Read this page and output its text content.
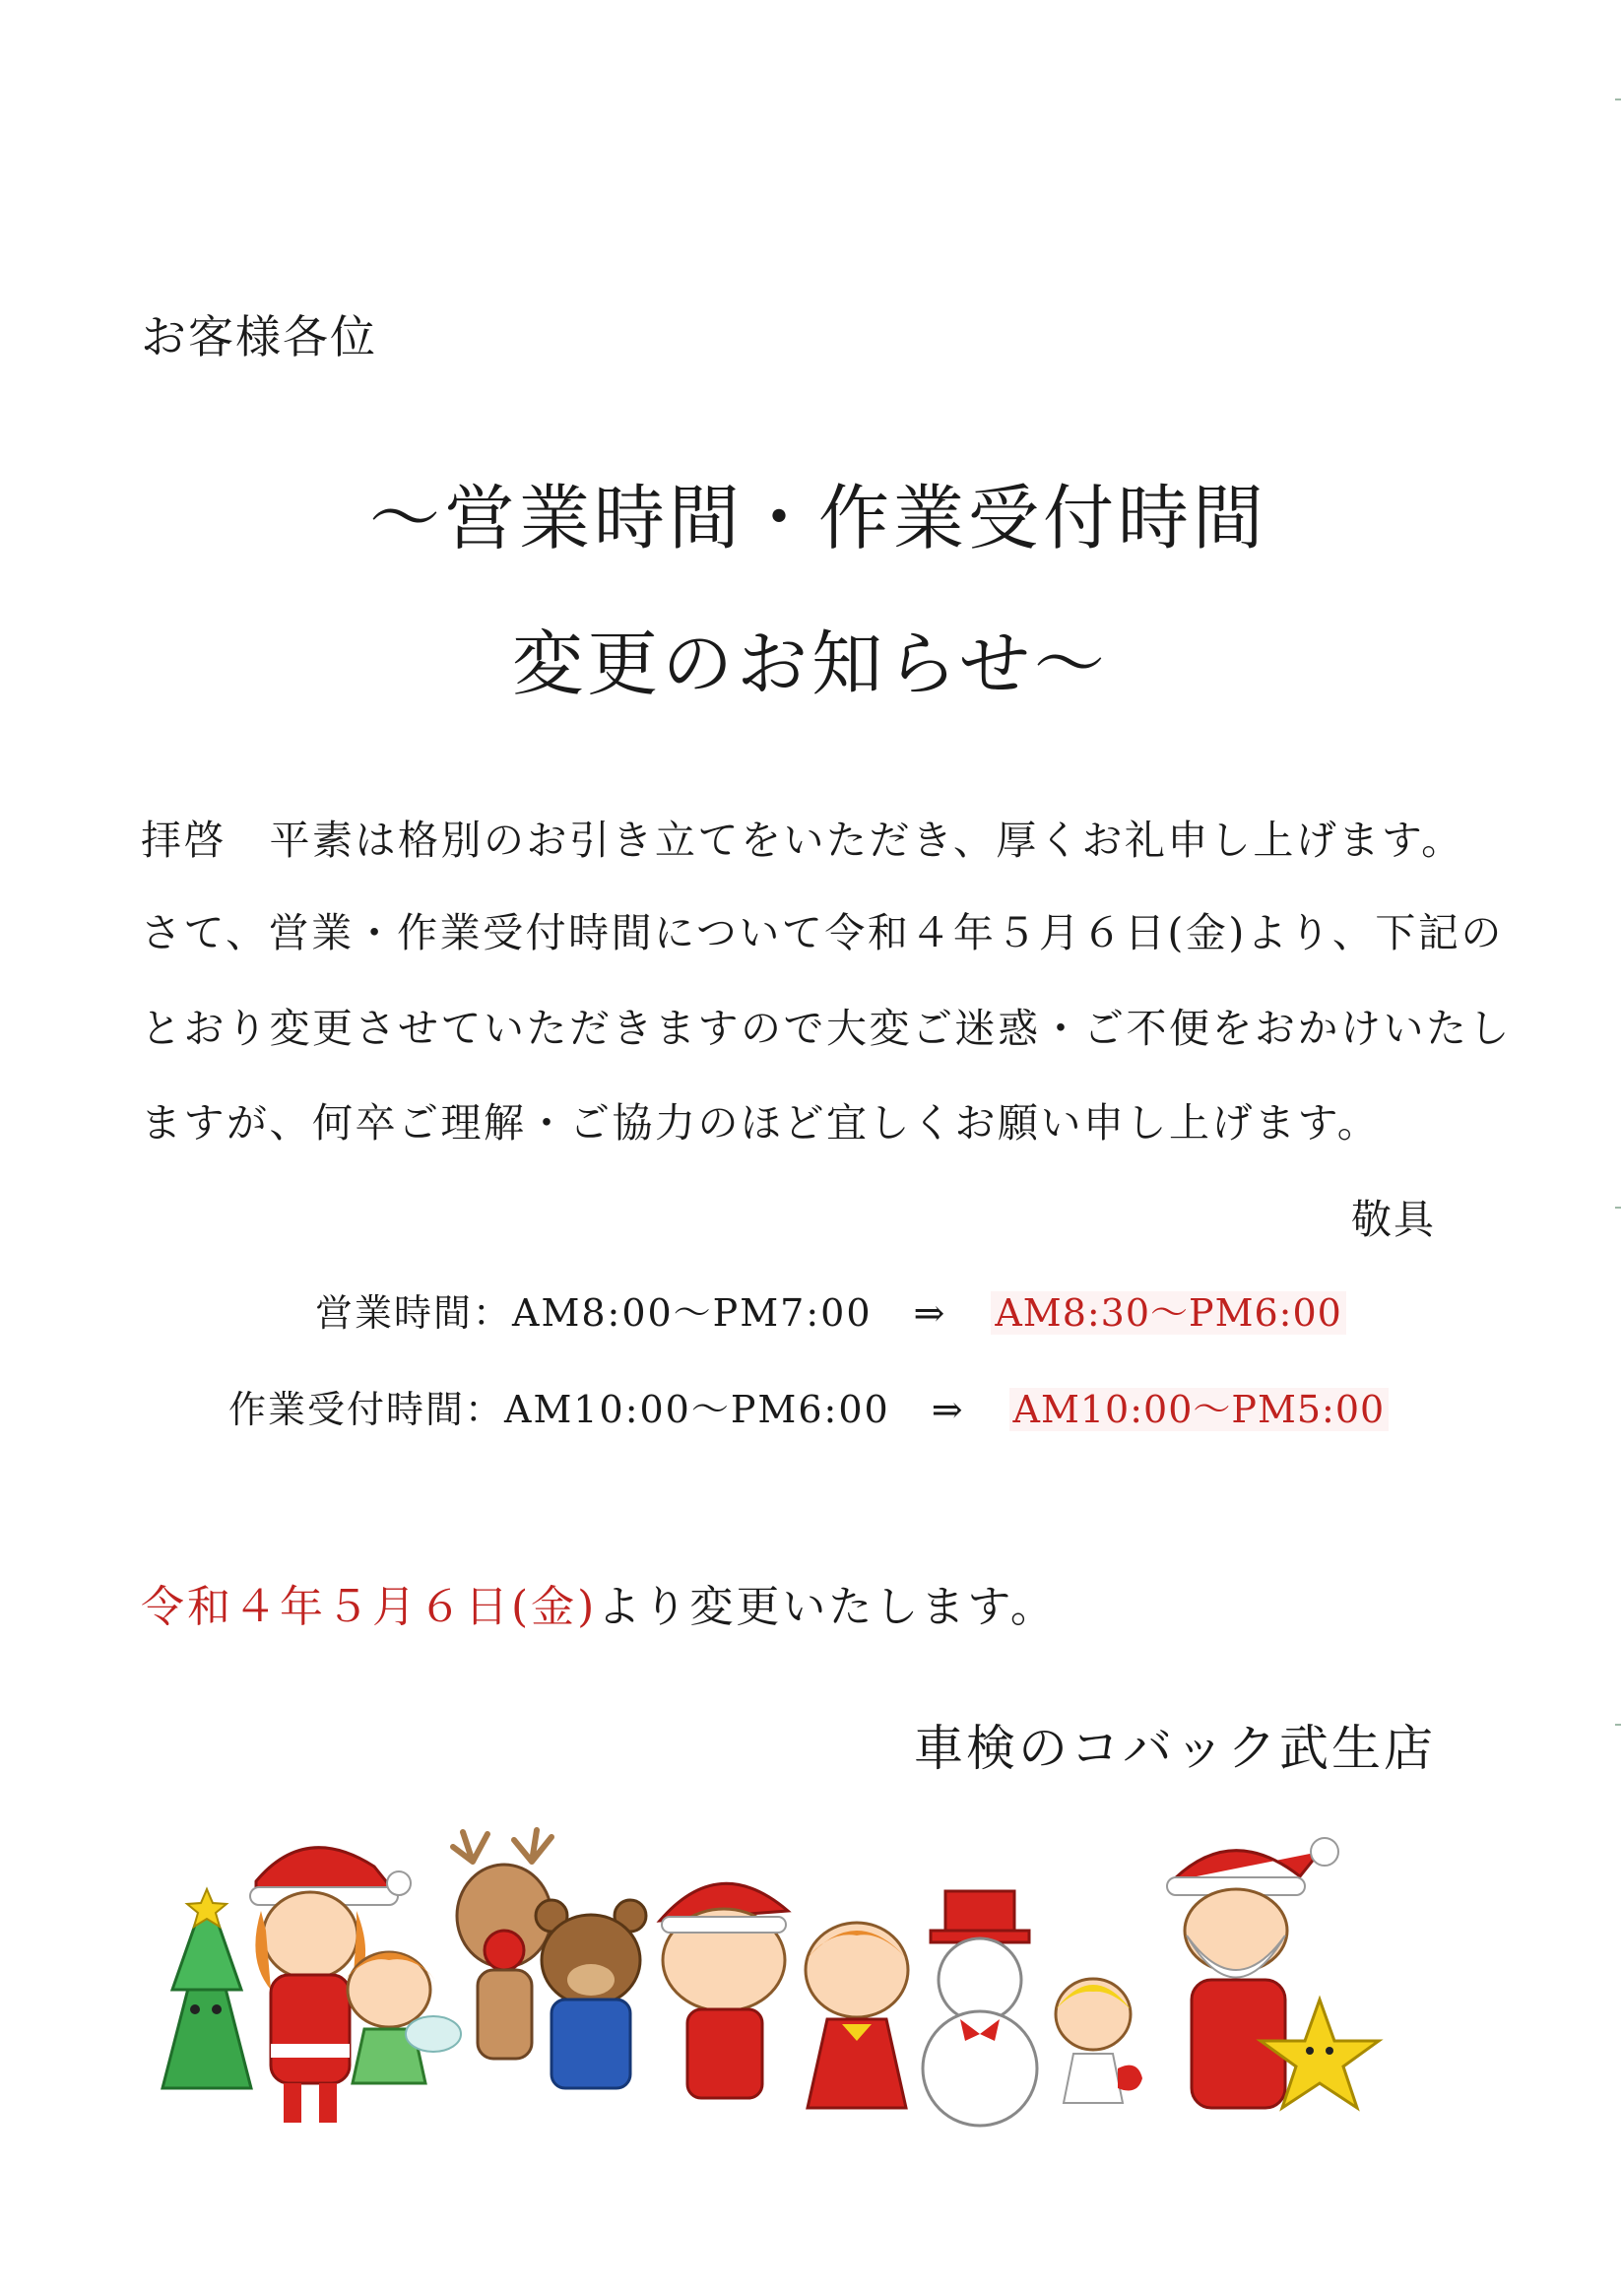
お客様各位
～営業時間・作業受付時間
変更のお知らせ～
拝啓　平素は格別のお引き立てをいただき、厚くお礼申し上げます。
さて、営業・作業受付時間について令和４年５月６日(金)より、下記の
とおり変更させていただきますので大変ご迷惑・ご不便をおかけいたし
ますが、何卒ご理解・ご協力のほど宜しくお願い申し上げます。
敬具
営業時間：AM8:00～PM7:00 ⇒ AM8:30～PM6:00
作業受付時間：AM10:00～PM6:00 ⇒ AM10:00～PM5:00
令和４年５月６日(金)より変更いたします。
車検のコバック武生店
